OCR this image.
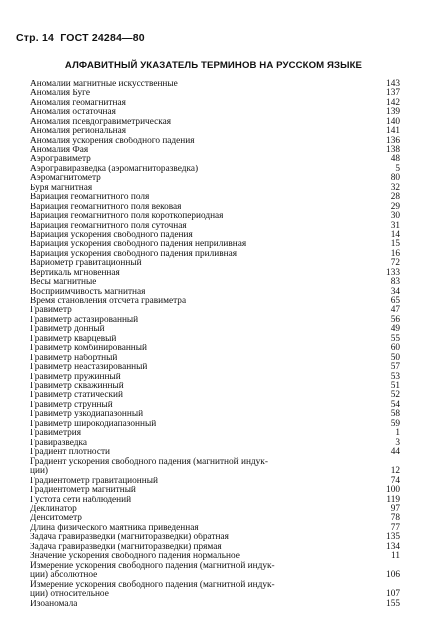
Стр. 14 ГОСТ 24284—80
АЛФАВИТНЫЙ УКАЗАТЕЛЬ ТЕРМИНОВ НА РУССКОМ ЯЗЫКЕ
Аномалии магнитные искусственные	143
Аномалия Буге	137
Аномалия геомагнитная	142
Аномалия остаточная	139
Аномалия псевдогравиметрическая	140
Аномалия региональная	141
Аномалия ускорения свободного падения	136
Аномалия Фая	138
Аэрогравиметр	48
Аэрогравиразведка (аэромагниторазведка)	5
Аэромагнитометр	80
Буря магнитная	32
Вариация геомагнитного поля	28
Вариация геомагнитного поля вековая	29
Вариация геомагнитного поля короткопериодная	30
Вариация геомагнитного поля суточная	31
Вариация ускорения свободного падения	14
Вариация ускорения свободного падения неприливная	15
Вариация ускорения свободного падения приливная	16
Вариометр гравитационный	72
Вертикаль мгновенная	133
Весы магнитные	83
Восприимчивость магнитная	34
Время становления отсчета гравиметра	65
Гравиметр	47
Гравиметр астазированный	56
Гравиметр донный	49
Гравиметр кварцевый	55
Гравиметр комбинированный	60
Гравиметр набортный	50
Гравиметр неастазированный	57
Гравиметр пружинный	53
Гравиметр скважинный	51
Гравиметр статический	52
Гравиметр струнный	54
Гравиметр узкодиапазонный	58
Гравиметр широкодиапазонный	59
Гравиметрия	1
Гравиразведка	3
Градиент плотности	44
Градиент ускорения свободного падения (магнитной индук-
ции)	12
Градиентометр гравитационный	74
Градиентометр магнитный	100
Густота сети наблюдений	119
Деклинатор	97
Денситометр	78
Длина физического маятника приведенная	77
Задача гравиразведки (магниторазведки) обратная	135
Задача гравиразведки (магниторазведки) прямая	134
Значение ускорения свободного падения нормальное	11
Измерение ускорения свободного падения (магнитной индук-
ции) абсолютное	106
Измерение ускорения свободного падения (магнитной индук-
ции) относительное	107
Изоаномала	155
